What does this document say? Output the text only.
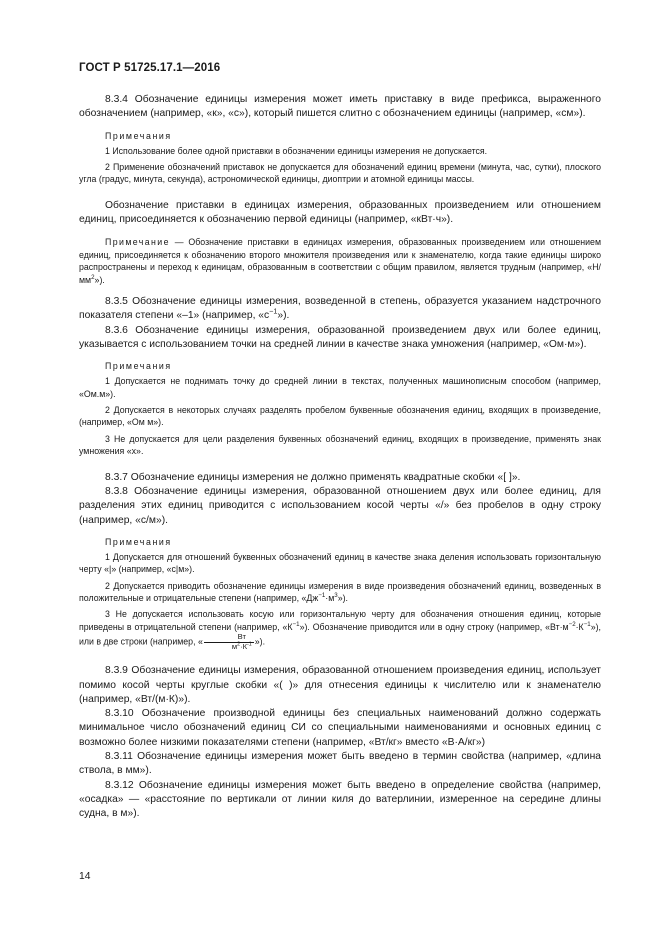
ГОСТ Р 51725.17.1—2016

8.3.4 Обозначение единицы измерения может иметь приставку в виде префикса, выраженного обозначением (например, «к», «с»), который пишется слитно с обозначением единицы (например, «см»).

Примечания

1 Использование более одной приставки в обозначении единицы измерения не допускается.

2 Применение обозначений приставок не допускается для обозначений единиц времени (минута, час, сутки), плоского угла (градус, минута, секунда), астрономической единицы, диоптрии и атомной единицы массы.

Обозначение приставки в единицах измерения, образованных произведением или отношением единиц, присоединяется к обозначению первой единицы (например, «кВт·ч»).

Примечание — Обозначение приставки в единицах измерения, образованных произведением или отношением единиц, присоединяется к обозначению второго множителя произведения или к знаменателю, когда такие единицы широко распространены и переход к единицам, образованным в соответствии с общим правилом, является трудным (например, «$Н/мм^2$»).

8.3.5 Обозначение единицы измерения, возведенной в степень, образуется указанием надстрочного показателя степени «–1» (например, «$с^{-1}$»).

8.3.6 Обозначение единицы измерения, образованной произведением двух или более единиц, указывается с использованием точки на средней линии в качестве знака умножения (например, «Ом·м»).

Примечания

1 Допускается не поднимать точку до средней линии в текстах, полученных машинописным способом (например, «Ом.м»).

2 Допускается в некоторых случаях разделять пробелом буквенные обозначения единиц, входящих в произведение, (например, «Ом м»).

3 Не допускается для цели разделения буквенных обозначений единиц, входящих в произведение, применять знак умножения «х».

8.3.7 Обозначение единицы измерения не должно применять квадратные скобки «[ ]».

8.3.8 Обозначение единицы измерения, образованной отношением двух или более единиц, для разделения этих единиц приводится с использованием косой черты «/» без пробелов в одну строку (например, «с/м»).

Примечания

1 Допускается для отношений буквенных обозначений единиц в качестве знака деления использовать горизонтальную черту «|» (например, «с|м»).

2 Допускается приводить обозначение единицы измерения в виде произведения обозначений единиц, возведенных в положительные и отрицательные степени (например, «$Дж^{-1}\cdot м^3$»).

3 Не допускается использовать косую или горизонтальную черту для обозначения отношения единиц, которые приведены в отрицательной степени (например, «$К^{-1}$»). Обозначение приводится или в одну строку (например, «$Вт\cdot м^{-2}\cdot К^{-1}$»), или в две строки (например, « $\frac{Вт}{м^2\cdot К^{-1}}$ »).

8.3.9 Обозначение единицы измерения, образованной отношением произведения единиц, использует помимо косой черты круглые скобки «( )» для отнесения единицы к числителю или к знаменателю (например, «Вт/(м·К)»).

8.3.10 Обозначение производной единицы без специальных наименований должно содержать минимальное число обозначений единиц СИ со специальными наименованиями и основных единиц с возможно более низкими показателями степени (например, «Вт/кг» вместо «В·А/кг»)

8.3.11 Обозначение единицы измерения может быть введено в термин свойства (например, «длина ствола, в мм»).

8.3.12 Обозначение единицы измерения может быть введено в определение свойства (например, «осадка» — «расстояние по вертикали от линии киля до ватерлинии, измеренное на середине длины судна, в м»).

14
